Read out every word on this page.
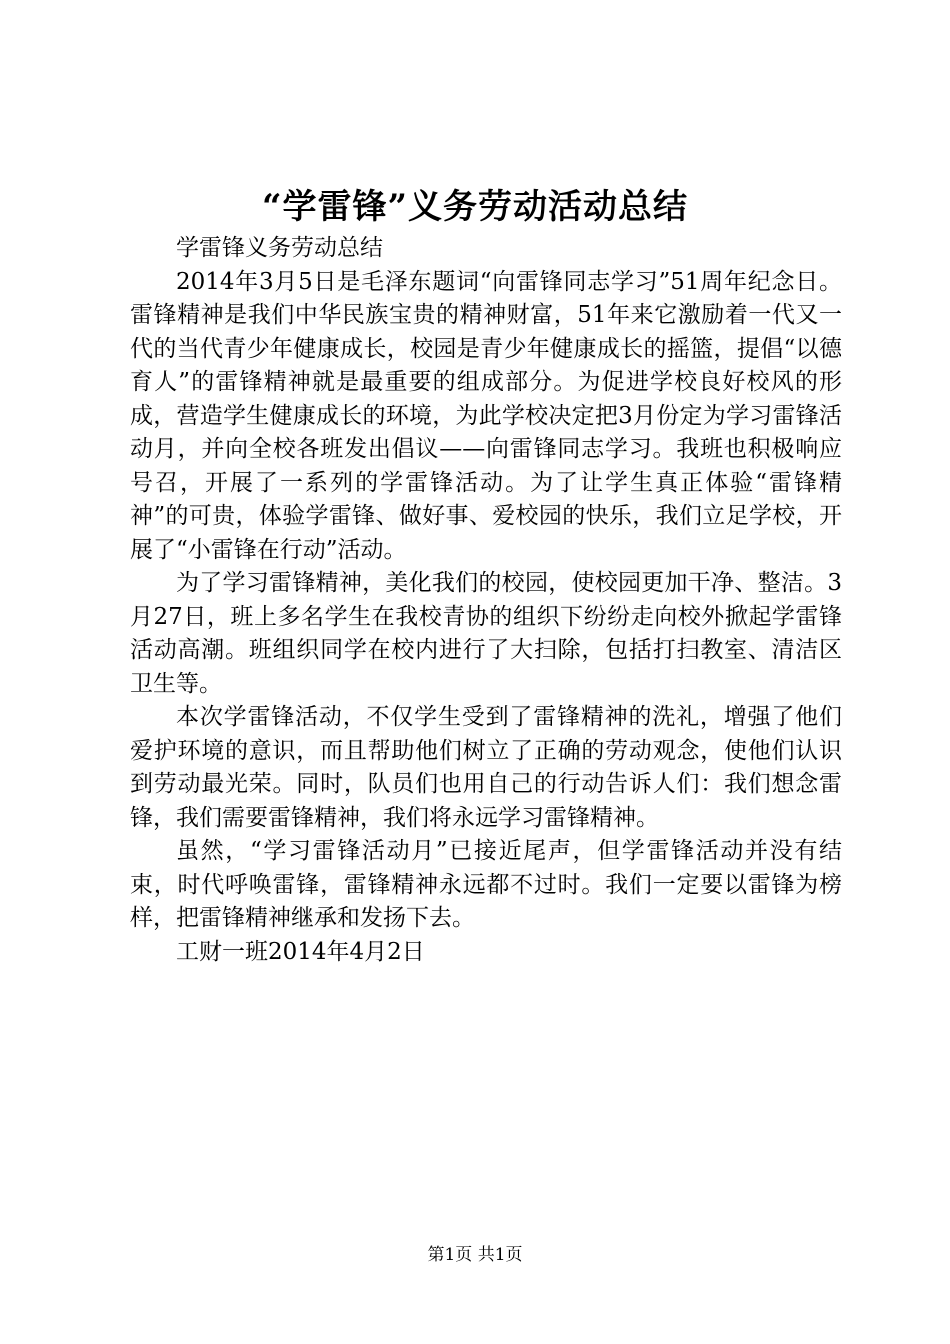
“学雷锋”义务劳动活动总结

学雷锋义务劳动总结

2014年3月5日是毛泽东题词“向雷锋同志学习”51周年纪念日。雷锋精神是我们中华民族宝贵的精神财富，51年来它激励着一代又一代的当代青少年健康成长，校园是青少年健康成长的摇篮，提倡“以德育人”的雷锋精神就是最重要的组成部分。为促进学校良好校风的形成，营造学生健康成长的环境，为此学校决定把3月份定为学习雷锋活动月，并向全校各班发出倡议——向雷锋同志学习。我班也积极响应号召，开展了一系列的学雷锋活动。为了让学生真正体验“雷锋精神”的可贵，体验学雷锋、做好事、爱校园的快乐，我们立足学校，开展了“小雷锋在行动”活动。

为了学习雷锋精神，美化我们的校园，使校园更加干净、整洁。3月27日，班上多名学生在我校青协的组织下纷纷走向校外掀起学雷锋活动高潮。班组织同学在校内进行了大扫除，包括打扫教室、清洁区卫生等。

本次学雷锋活动，不仅学生受到了雷锋精神的洗礼，增强了他们爱护环境的意识，而且帮助他们树立了正确的劳动观念，使他们认识到劳动最光荣。同时，队员们也用自己的行动告诉人们：我们想念雷锋，我们需要雷锋精神，我们将永远学习雷锋精神。

虽然，“学习雷锋活动月”已接近尾声，但学雷锋活动并没有结束，时代呼唤雷锋，雷锋精神永远都不过时。我们一定要以雷锋为榜样，把雷锋精神继承和发扬下去。

工财一班2014年4月2日

第1页 共1页
